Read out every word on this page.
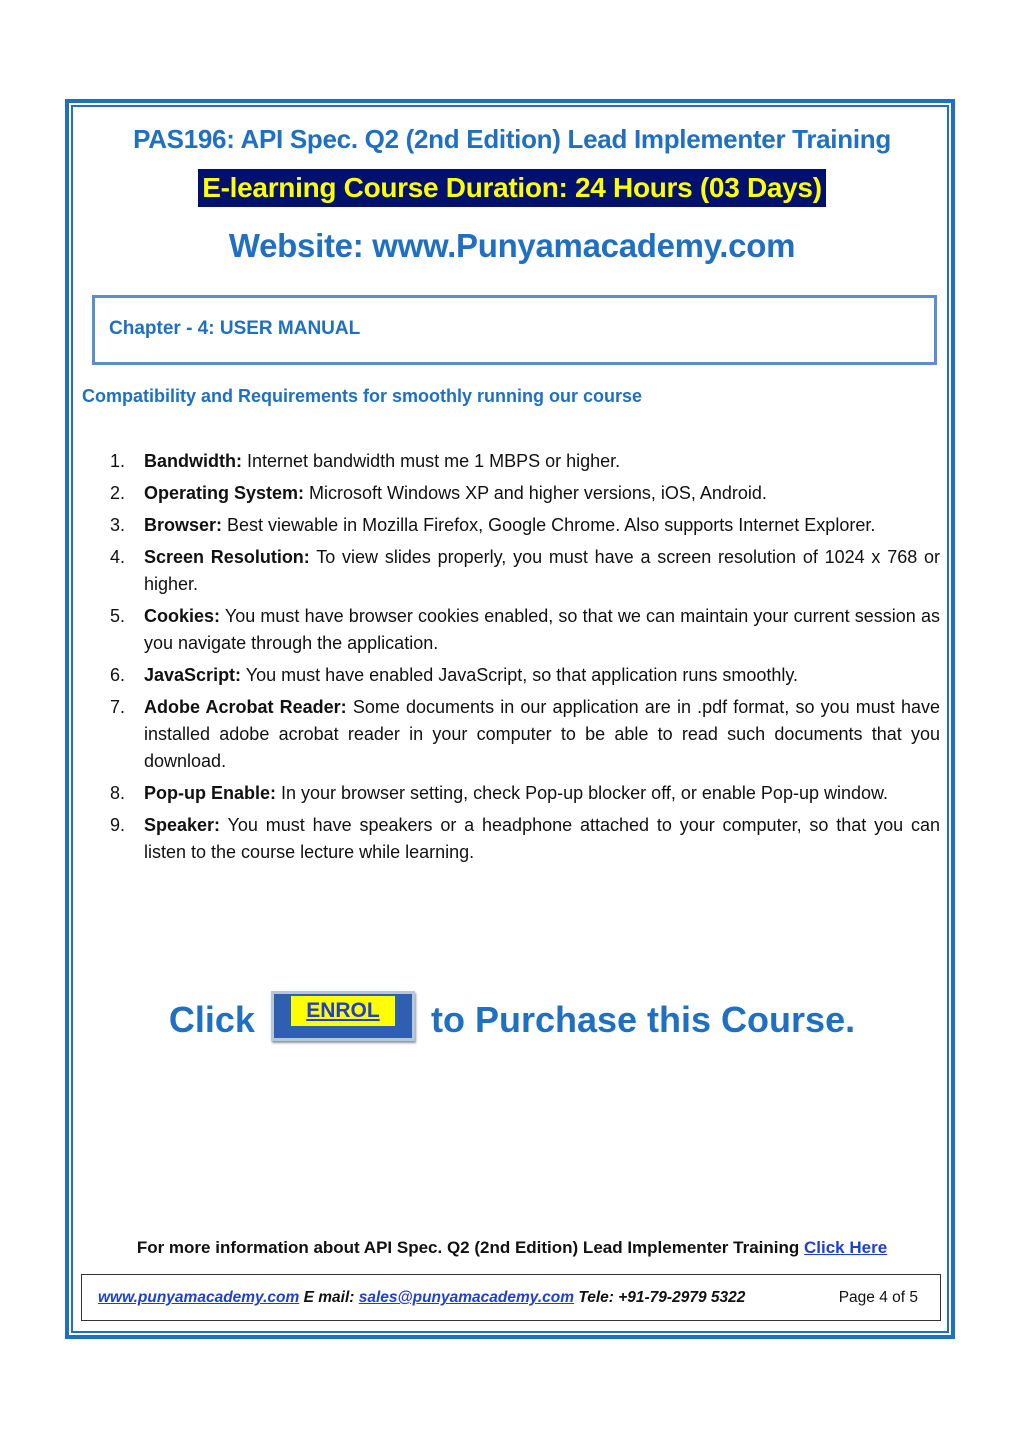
PAS196: API Spec. Q2 (2nd Edition) Lead Implementer Training
E-learning Course Duration: 24 Hours (03 Days)
Website: www.Punyamacademy.com
Chapter - 4: USER MANUAL
Compatibility and Requirements for smoothly running our course
1. Bandwidth: Internet bandwidth must me 1 MBPS or higher.
2. Operating System: Microsoft Windows XP and higher versions, iOS, Android.
3. Browser: Best viewable in Mozilla Firefox, Google Chrome. Also supports Internet Explorer.
4. Screen Resolution: To view slides properly, you must have a screen resolution of 1024 x 768 or higher.
5. Cookies: You must have browser cookies enabled, so that we can maintain your current session as you navigate through the application.
6. JavaScript: You must have enabled JavaScript, so that application runs smoothly.
7. Adobe Acrobat Reader: Some documents in our application are in .pdf format, so you must have installed adobe acrobat reader in your computer to be able to read such documents that you download.
8. Pop-up Enable: In your browser setting, check Pop-up blocker off, or enable Pop-up window.
9. Speaker: You must have speakers or a headphone attached to your computer, so that you can listen to the course lecture while learning.
Click	ENROL	to Purchase this Course.
For more information about API Spec. Q2 (2nd Edition) Lead Implementer Training Click Here
www.punyamacademy.com E mail: sales@punyamacademy.com Tele: +91-79-2979 5322	Page 4 of 5
